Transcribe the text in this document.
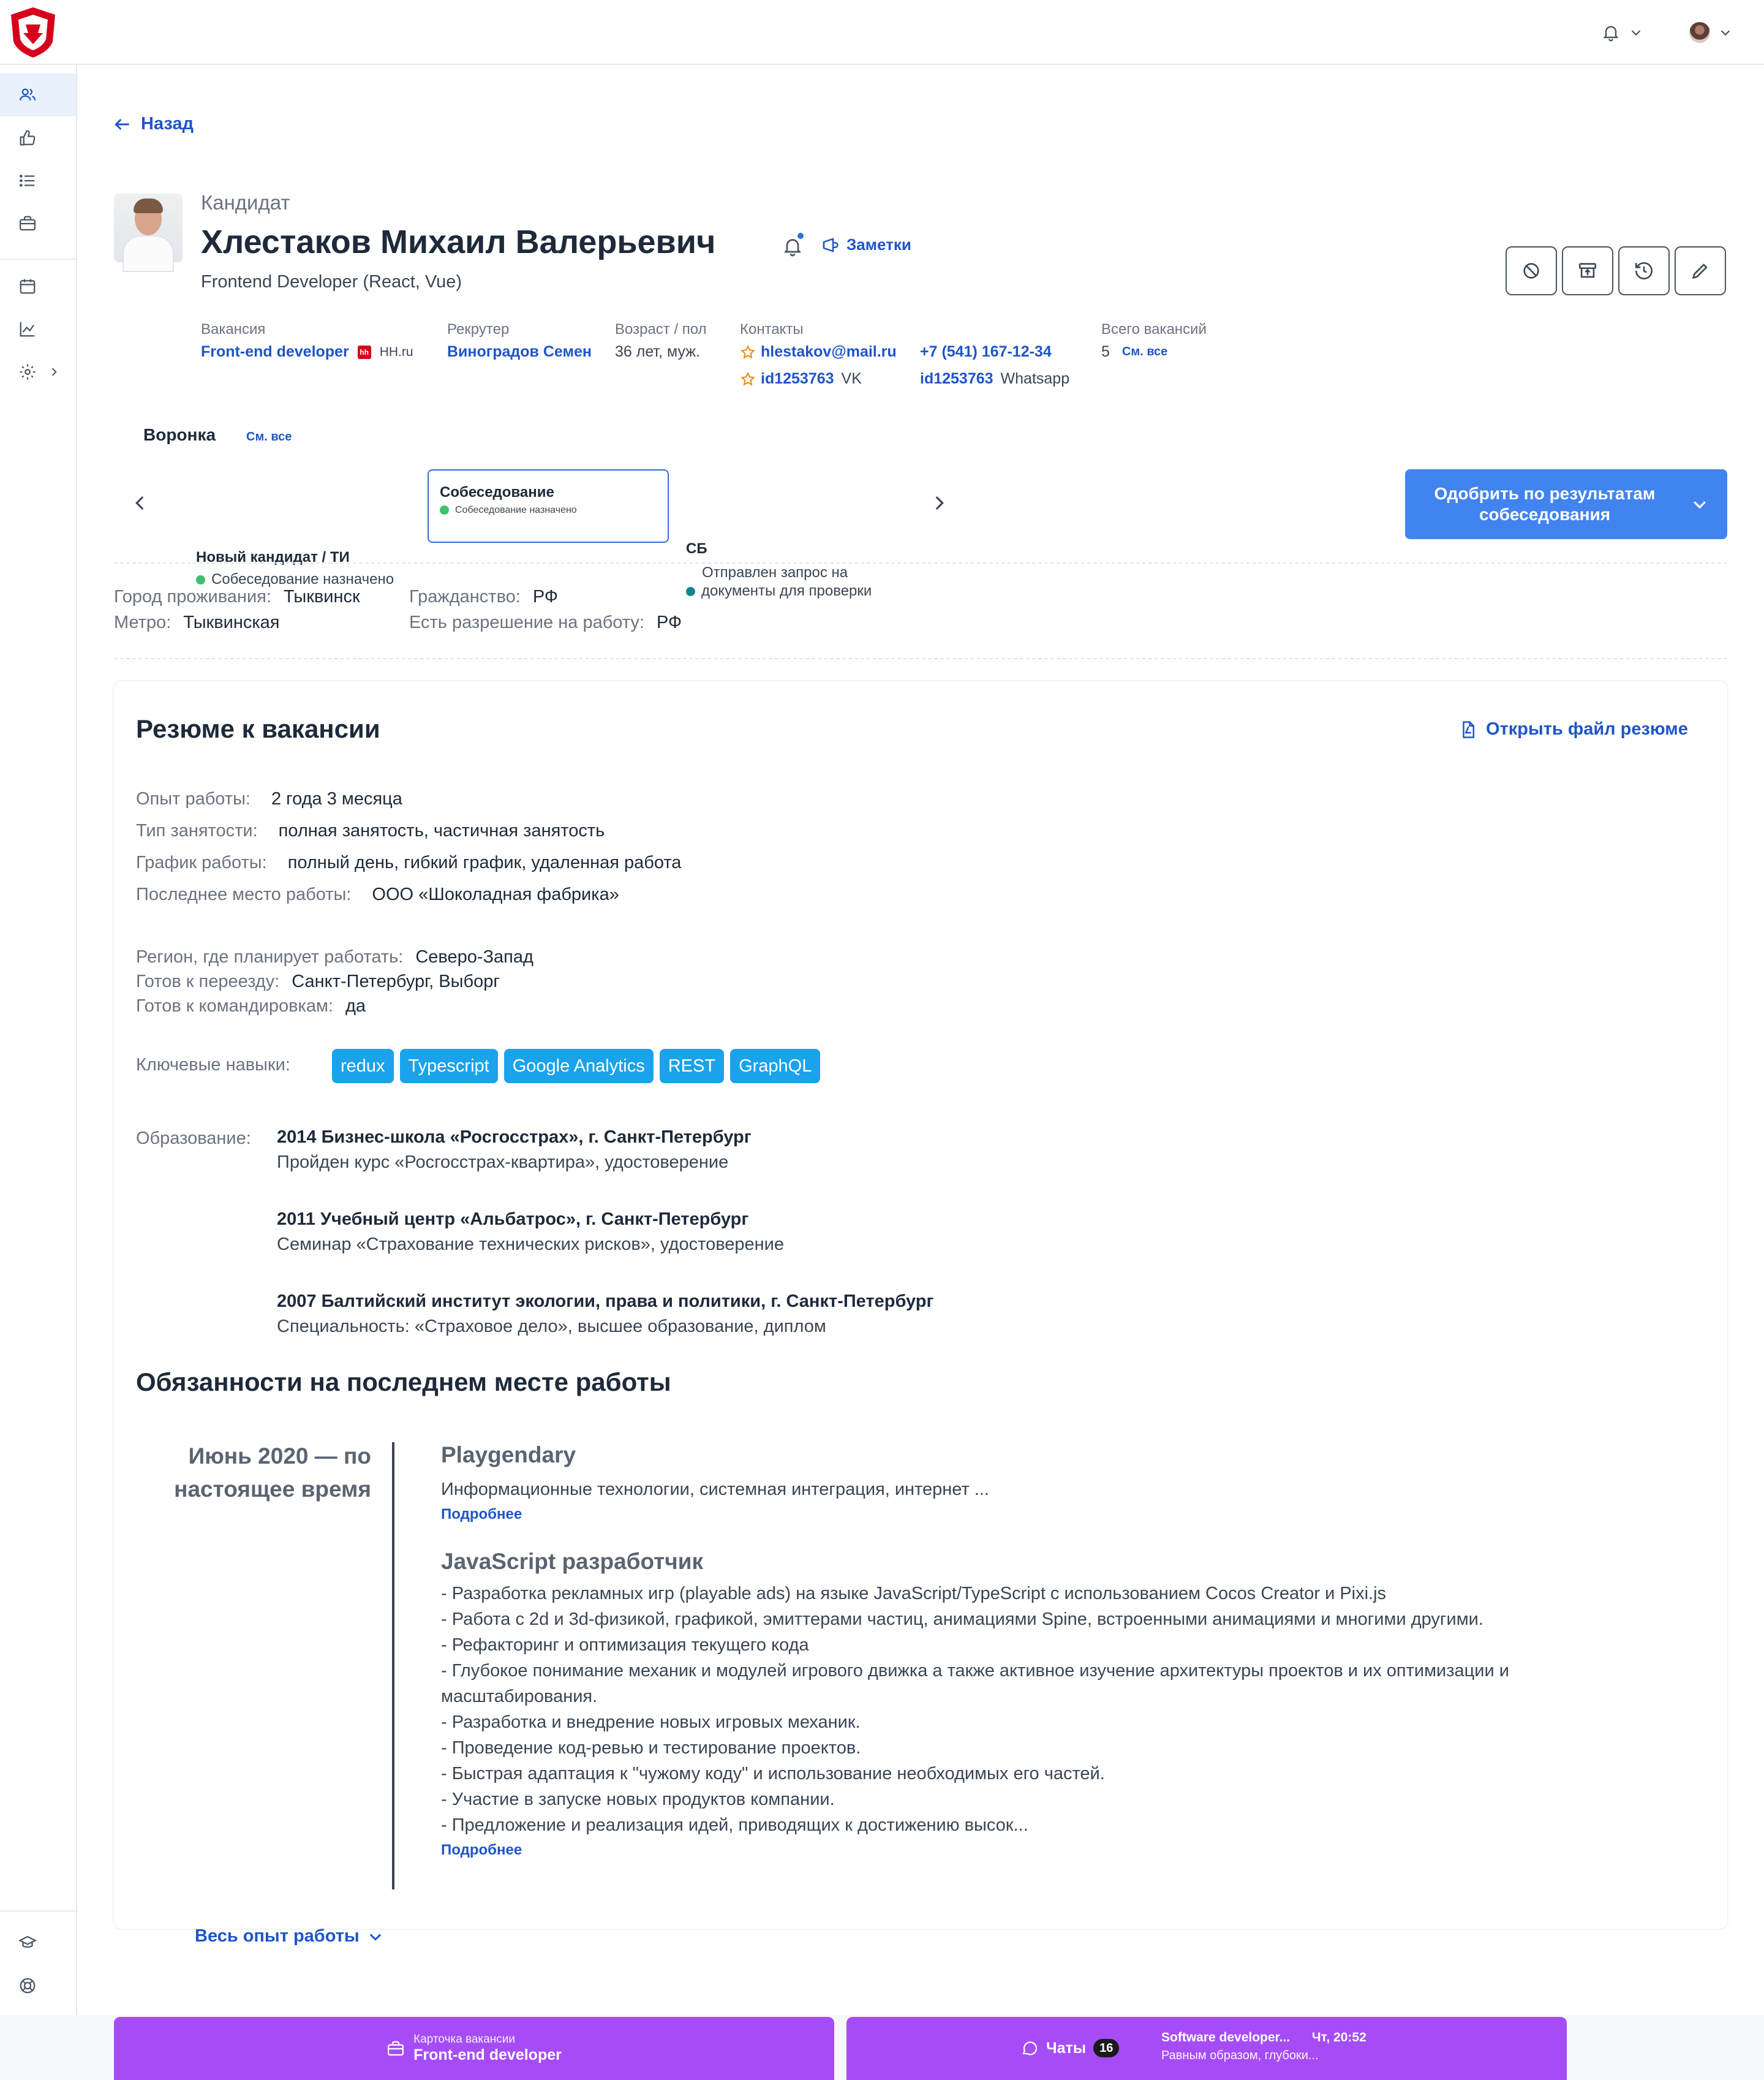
Назад
Кандидат
Хлестаков Михаил Валерьевич
Frontend Developer (React, Vue)
Заметки
Вакансия
Front-end developer	hh HH.ru
Рекрутер
Виноградов Семен
Возраст / пол
36 лет, муж.
Контакты
hlestakov@mail.ru
id1253763 VK
+7 (541) 167-12-34
id1253763 Whatsapp
Всего вакансий
5 См. все
Воронка См. все
Новый кандидат / ТИ
Собеседование назначено
Собеседование
Собеседование назначено
СБ
Отправлен запрос на
документы для проверки
Одобрить по результатам
собеседования
Город проживания: Тыквинск
Метро: Тыквинская
Гражданство: РФ
Есть разрешение на работу: РФ
Резюме к вакансии	Открыть файл резюме
Опыт работы: 2 года 3 месяца
Тип занятости: полная занятость, частичная занятость
График работы: полный день, гибкий график, удаленная работа
Последнее место работы: ООО «Шоколадная фабрика»
Регион, где планирует работать: Северо-Запад
Готов к переезду: Санкт-Петербург, Выборг
Готов к командировкам: да
Ключевые навыки:	redux Typescript Google Analytics REST GraphQL
Образование: 2014 Бизнес-школа «Росгосстрах», г. Санкт-Петербург
Пройден курс «Росгосстрах-квартира», удостоверение
2011 Учебный центр «Альбатрос», г. Санкт-Петербург
Семинар «Страхование технических рисков», удостоверение
2007 Балтийский институт экологии, права и политики, г. Санкт-Петербург
Специальность: «Страховое дело», высшее образование, диплом
Обязанности на последнем месте работы
Июнь 2020 — по
настоящее время
Весь опыт работы
Playgendary
Информационные технологии, системная интеграция, интернет ...
Подробнее
JavaScript разработчик
- Разработка рекламных игр (playable ads) на языке JavaScript/TypeScript с использованием Cocos Creator и Pixi.js
- Работа с 2d и 3d-физикой, графикой, эмиттерами частиц, анимациями Spine, встроенными анимациями и многими другими.
- Рефакторинг и оптимизация текущего кода
- Глубокое понимание механик и модулей игрового движка а также активное изучение архитектуры проектов и их оптимизации и
масштабирования.
- Разработка и внедрение новых игровых механик.
- Проведение код-ревью и тестирование проектов.
- Быстрая адаптация к "чужому коду" и использование необходимых его частей.
- Участие в запуске новых продуктов компании.
- Предложение и реализация идей, приводящих к достижению высок...
Подробнее
Карточка вакансии
Front-end developer	Чаты	16
Software developer... Чт, 20:52
Равным образом, глубоки...
